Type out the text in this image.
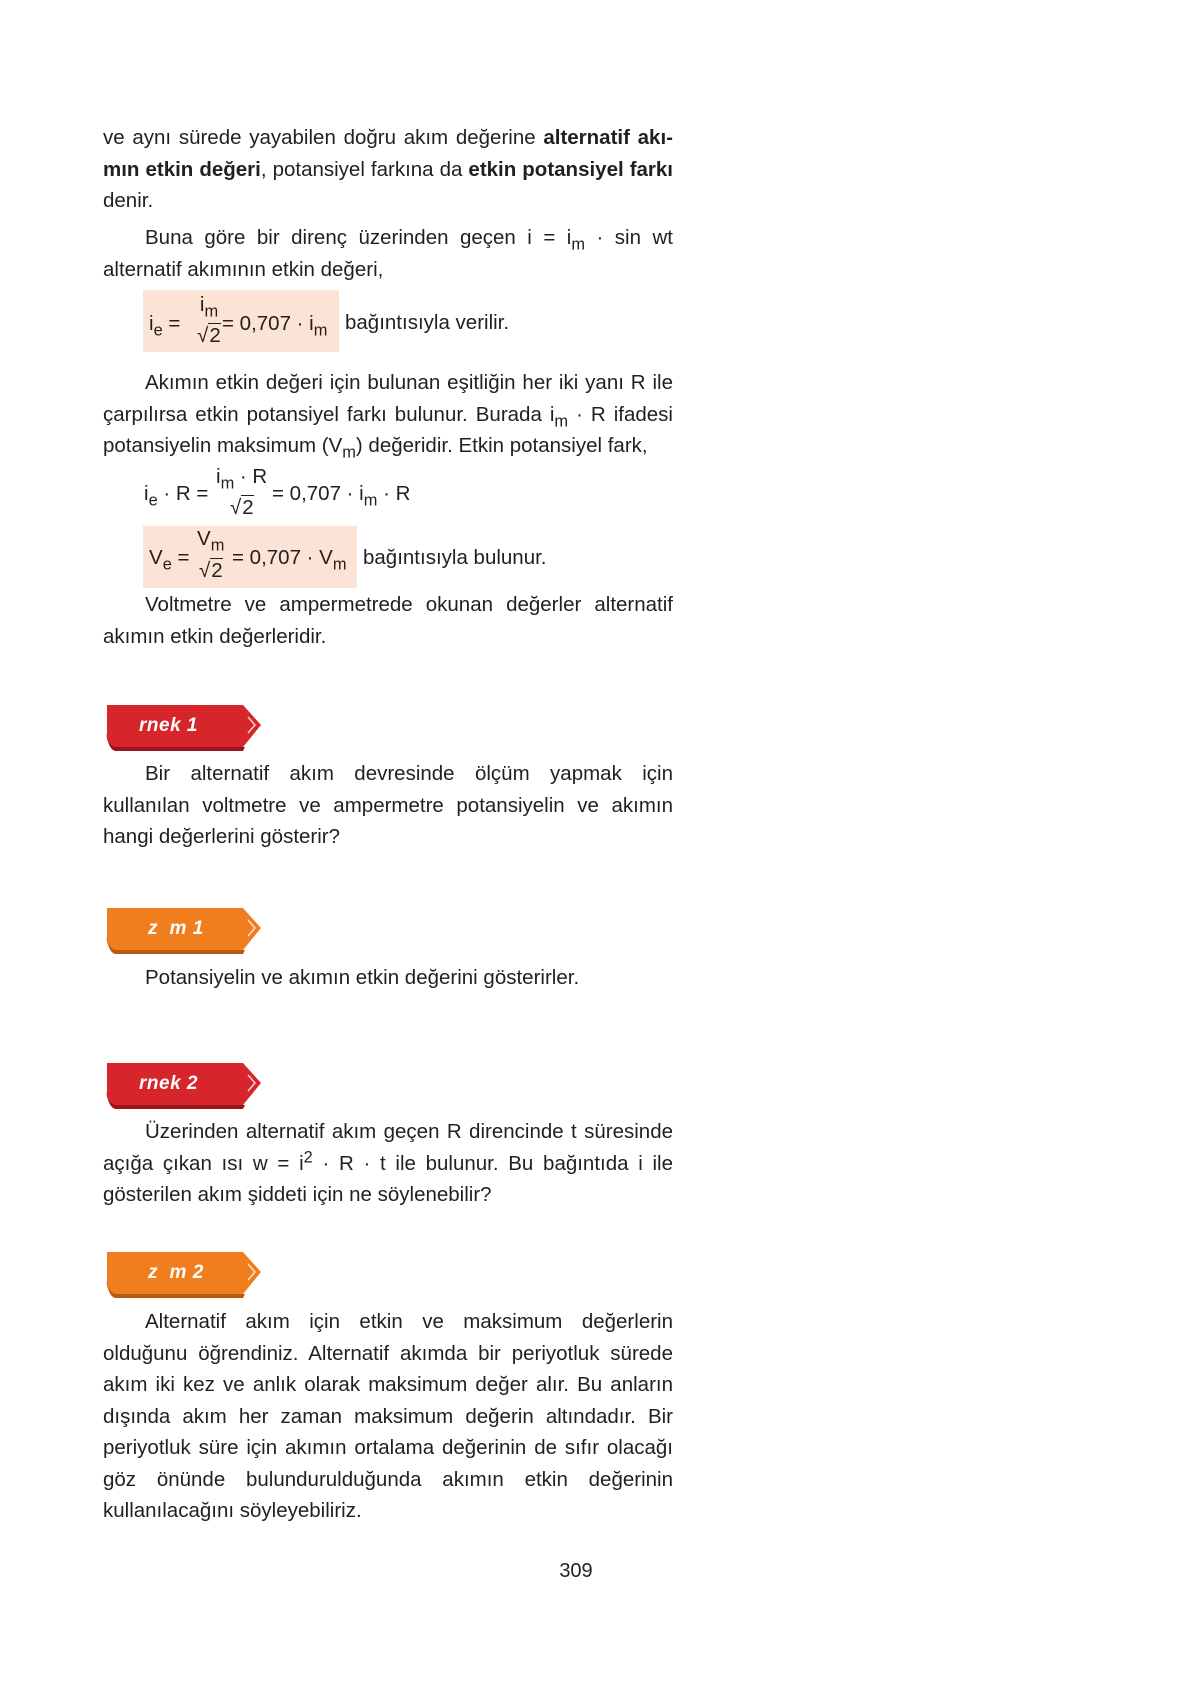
ve aynı sürede yayabilen doğru akım değerine alternatif akı-mın etkin değeri, potansiyel farkına da etkin potansiyel farkı denir.

Buna göre bir direnç üzerinden geçen $i = i_m \cdot \sin$ wt alternatif akımının etkin değeri,

$i_e$ =
$i_m$
√2
= $0,707 \cdot i_m$ bağıntısıyla verilir.

Akımın etkin değeri için bulunan eşitliğin her iki yanı R ile çarpılırsa etkin potansiyel farkı bulunur. Burada $i_m \cdot R$ ifadesi potansiyelin maksimum $(V_m)$ değeridir. Etkin potansiyel fark,

$i_e \cdot R$ =
$i_m \cdot R$
√2
= $0,707 \cdot i_m \cdot R$
$V_e$ =
$V_m$
√2
= $0,707 \cdot V_m$ bağıntısıyla bulunur.

Voltmetre ve ampermetrede okunan değerler alternatif akımın etkin değerleridir.

rnek 1

Bir alternatif akım devresinde ölçüm yapmak için kullanılan voltmetre ve ampermetre potansiyelin ve akımın hangi değerlerini gösterir?

z  m 1

Potansiyelin ve akımın etkin değerini gösterirler.

rnek 2

Üzerinden alternatif akım geçen R direncinde t süresinde açığa çıkan ısı $w = i^2 \cdot R \cdot t$ ile bulunur. Bu bağıntıda i ile gösterilen akım şiddeti için ne söylenebilir?

z  m 2

Alternatif akım için etkin ve maksimum değerlerin olduğunu öğrendiniz. Alternatif akımda bir periyotluk sürede akım iki kez ve anlık olarak maksimum değer alır. Bu anların dışında akım her zaman maksimum değerin altındadır. Bir periyotluk süre için akımın ortalama değerinin de sıfır olacağı göz önünde bulundurulduğunda akımın etkin değerinin kullanılacağını söyleyebiliriz.

309
